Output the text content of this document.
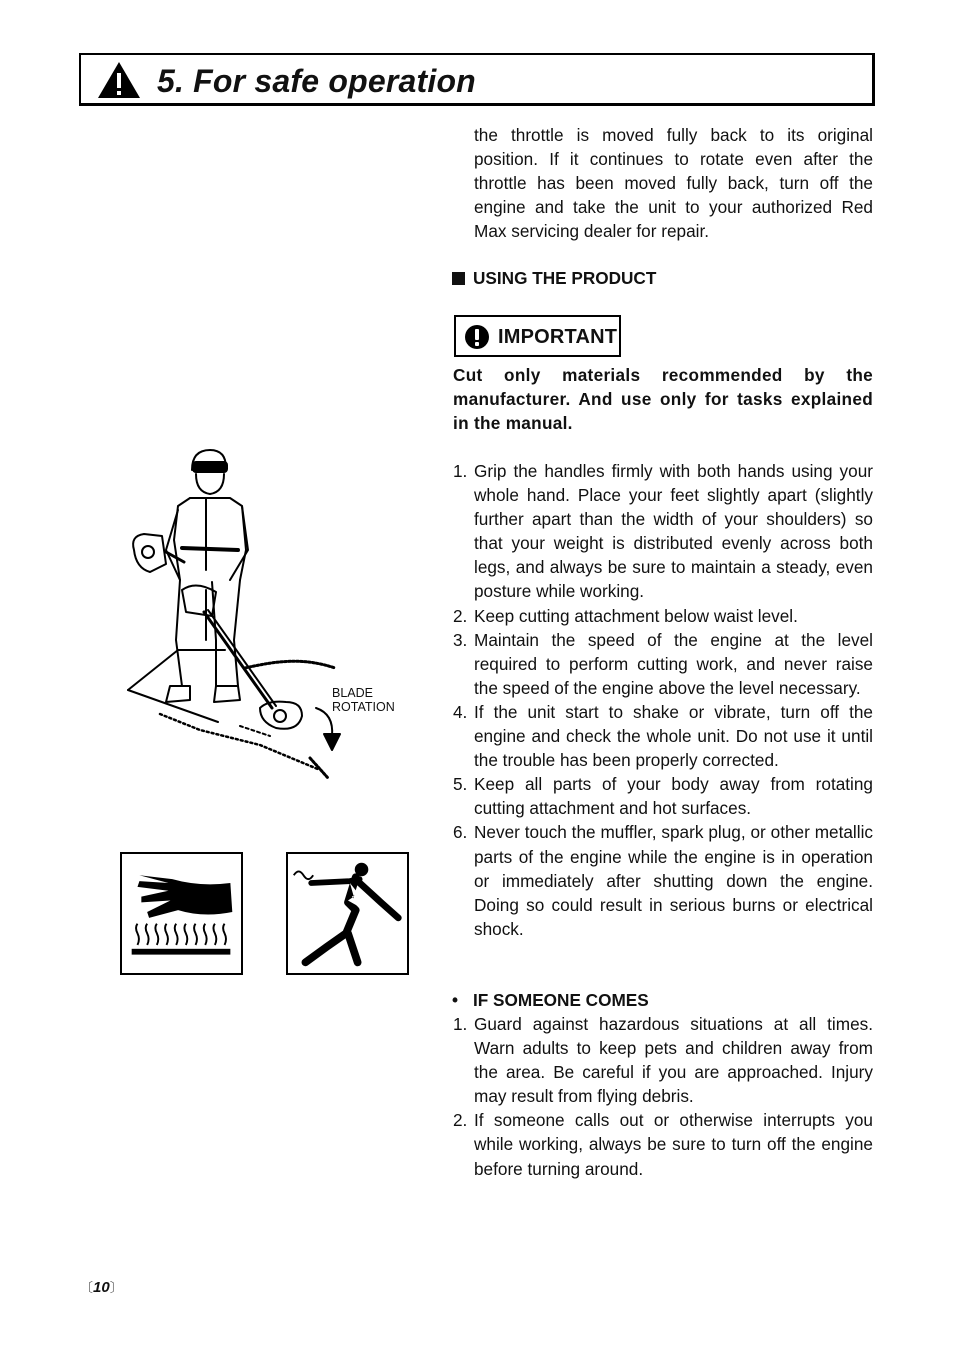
5. For safe operation
the throttle is moved fully back to its original position. If it continues to rotate even after the throttle has been moved fully back, turn off the engine and take the unit to your authorized Red Max servicing dealer for repair.
USING THE PRODUCT
IMPORTANT
Cut only materials recommended by the manufacturer. And use only for tasks explained in the manual.
1. Grip the handles firmly with both hands using your whole hand. Place your feet slightly apart (slightly further apart than the width of your shoulders) so that your weight is distributed evenly across both legs, and always be sure to maintain a steady, even posture while working.
2. Keep cutting attachment below waist level.
3. Maintain the speed of the engine at the level required to perform cutting work, and never raise the speed of the engine above the level necessary.
4. If the unit start to shake or vibrate, turn off the engine and check the whole unit. Do not use it until the trouble has been properly corrected.
5. Keep all parts of your body away from rotating cutting attachment and hot surfaces.
6. Never touch the muffler, spark plug, or other metallic parts of the engine while the engine is in operation or immediately after shutting down the engine. Doing so could result in serious burns or electrical shock.
• IF SOMEONE COMES
1. Guard against hazardous situations at all times. Warn adults to keep pets and children away from the area. Be careful if you are approached. Injury may result from flying debris.
2. If someone calls out or otherwise interrupts you while working, always be sure to turn off the engine before turning around.
BLADE
ROTATION
〔10〕
